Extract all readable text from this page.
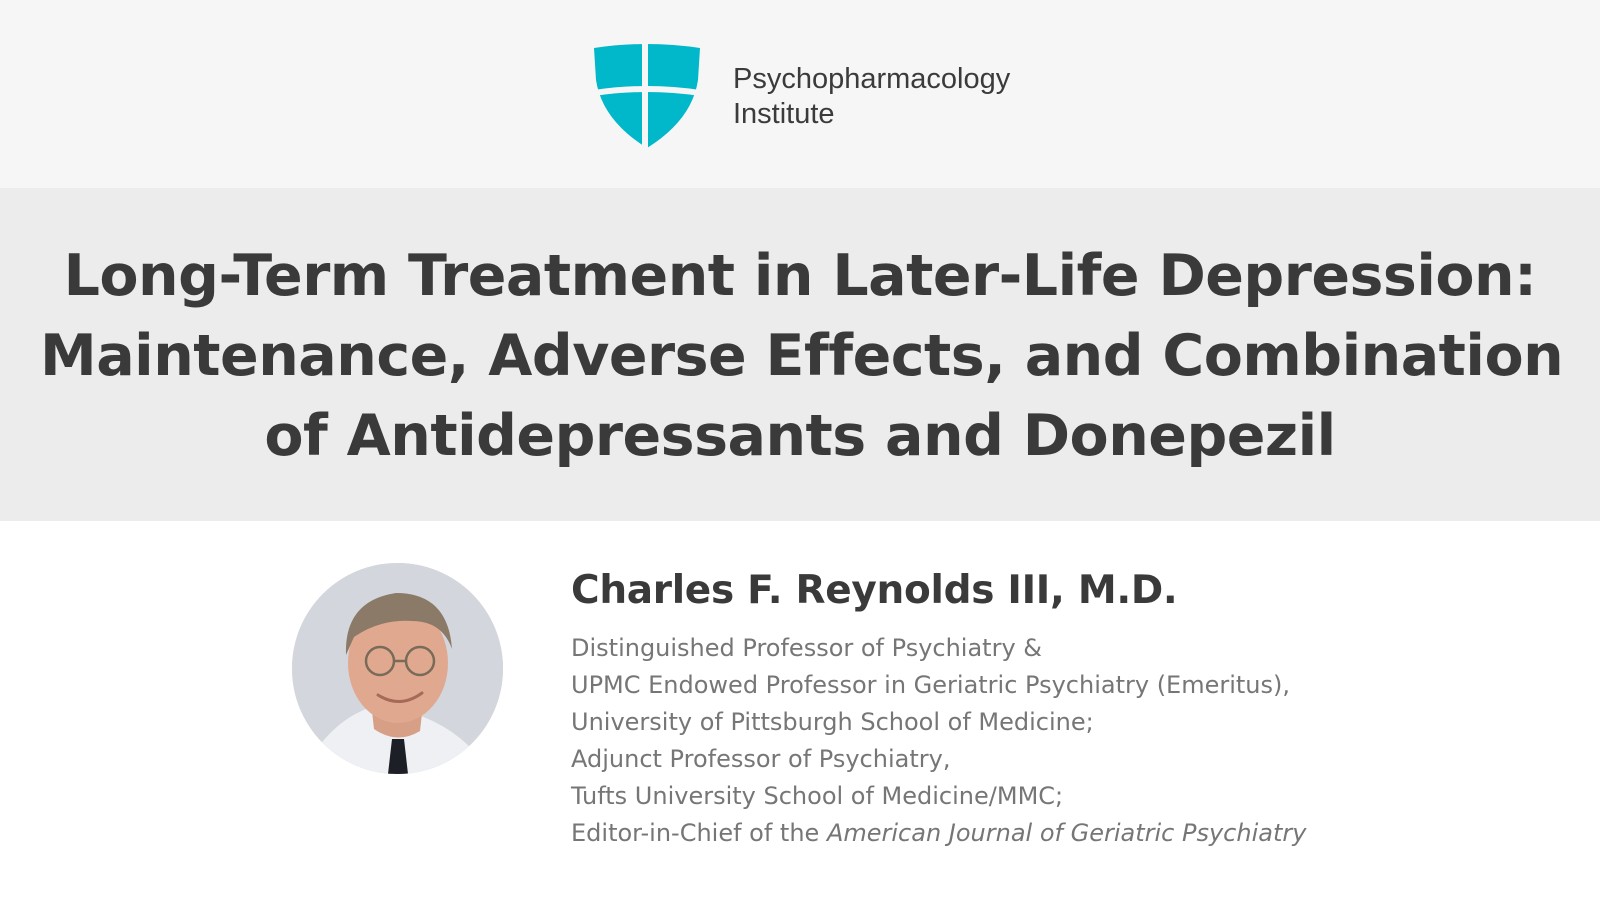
Psychopharmacology
Institute
Long-Term Treatment in Later-Life Depression:
Maintenance, Adverse Effects, and Combination
of Antidepressants and Donepezil
Charles F. Reynolds III, M.D.
Distinguished Professor of Psychiatry &
UPMC Endowed Professor in Geriatric Psychiatry (Emeritus),
University of Pittsburgh School of Medicine;
Adjunct Professor of Psychiatry,
Tufts University School of Medicine/MMC;
Editor-in-Chief of the American Journal of Geriatric Psychiatry
